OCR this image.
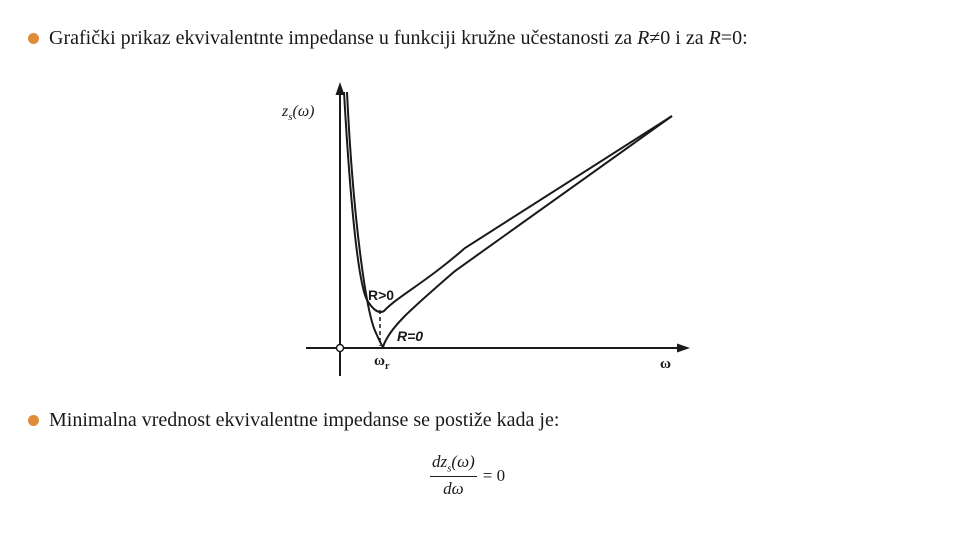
Grafički prikaz ekvivalentnte impedanse u funkciji kružne učestanosti za R≠0 i za R=0:
$z_s(\omega)$
R>0
R=0
$\omega_r$	ω
Minimalna vrednost ekvivalentne impedanse se postiže kada je:
$\frac{dz_s(\omega)}{d\omega} = 0$
